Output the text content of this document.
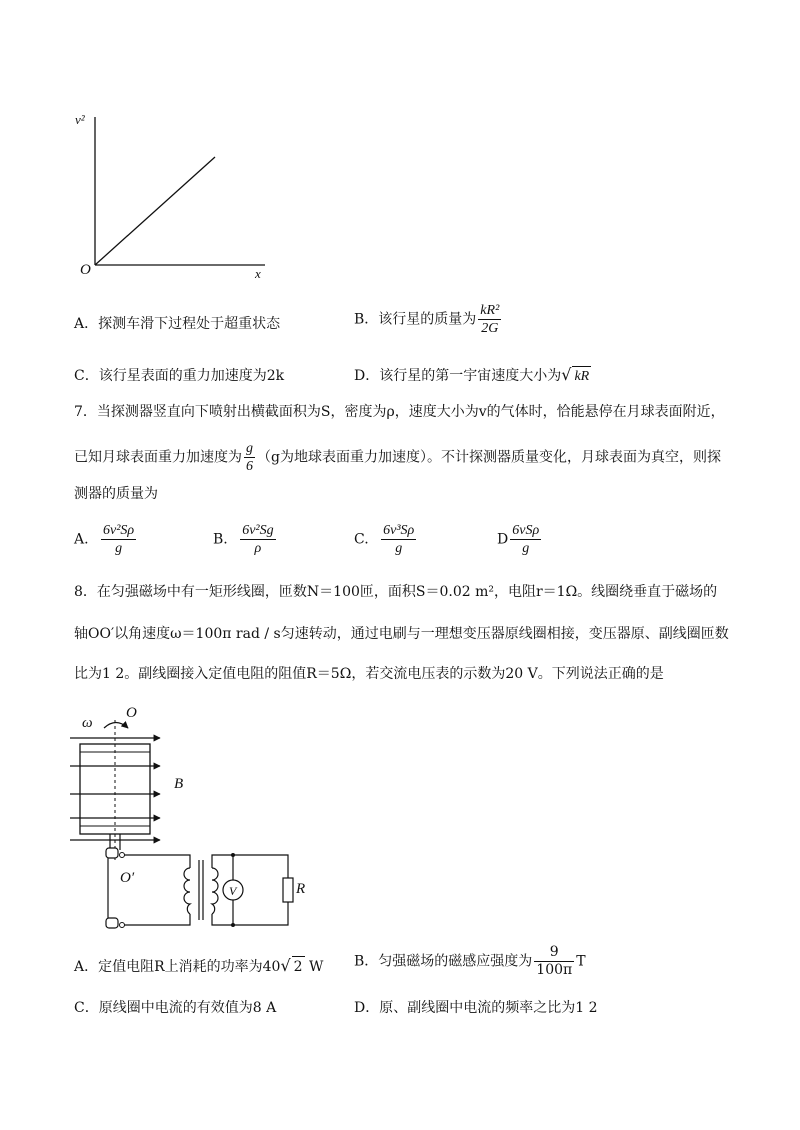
v²
O	x
A．探测车滑下过程处于超重状态	B．该行星的质量为 $\frac{\text{kR²}}{2G}$
C．该行星表面的重力加速度为2k	D．该行星的第一宇宙速度大小为√ kR
7．当探测器竖直向下喷射出横截面积为S，密度为ρ，速度大小为v的气体时，恰能悬停在月球表面附近，
已知月球表面重力加速度为 $\frac{g}{6} (g$为地球表面重力加速度）。不计探测器质量变化，月球表面为真空，则探
测器的质量为
A. $\frac{\text{6v²Sρ}}{g}$	B. $\frac{\text{6v²Sg}}{\rho}$	C. $\frac{\text{6v³Sρ}}{g}$	D $\frac{\text{6vSρ}}{g}$
8．在匀强磁场中有一矩形线圈，匝数N＝100匝，面积S＝0.02 m²，电阻r＝1Ω。线圈绕垂直于磁场的
轴OO′以角速度ω＝100π rad / s匀速转动，通过电刷与一理想变压器原线圈相接，变压器原、副线圈匝数
比为1 2。副线圈接入定值电阻的阻值R＝5Ω，若交流电压表的示数为20 V。下列说法正确的是
ω
O
B
O′
V	R
A．定值电阻R上消耗的功率为40√ 2 W B．匀强磁场的磁感应强度为 $\frac{9}{100\pi}$ T
C．原线圈中电流的有效值为8 A	D．原、副线圈中电流的频率之比为1 2
